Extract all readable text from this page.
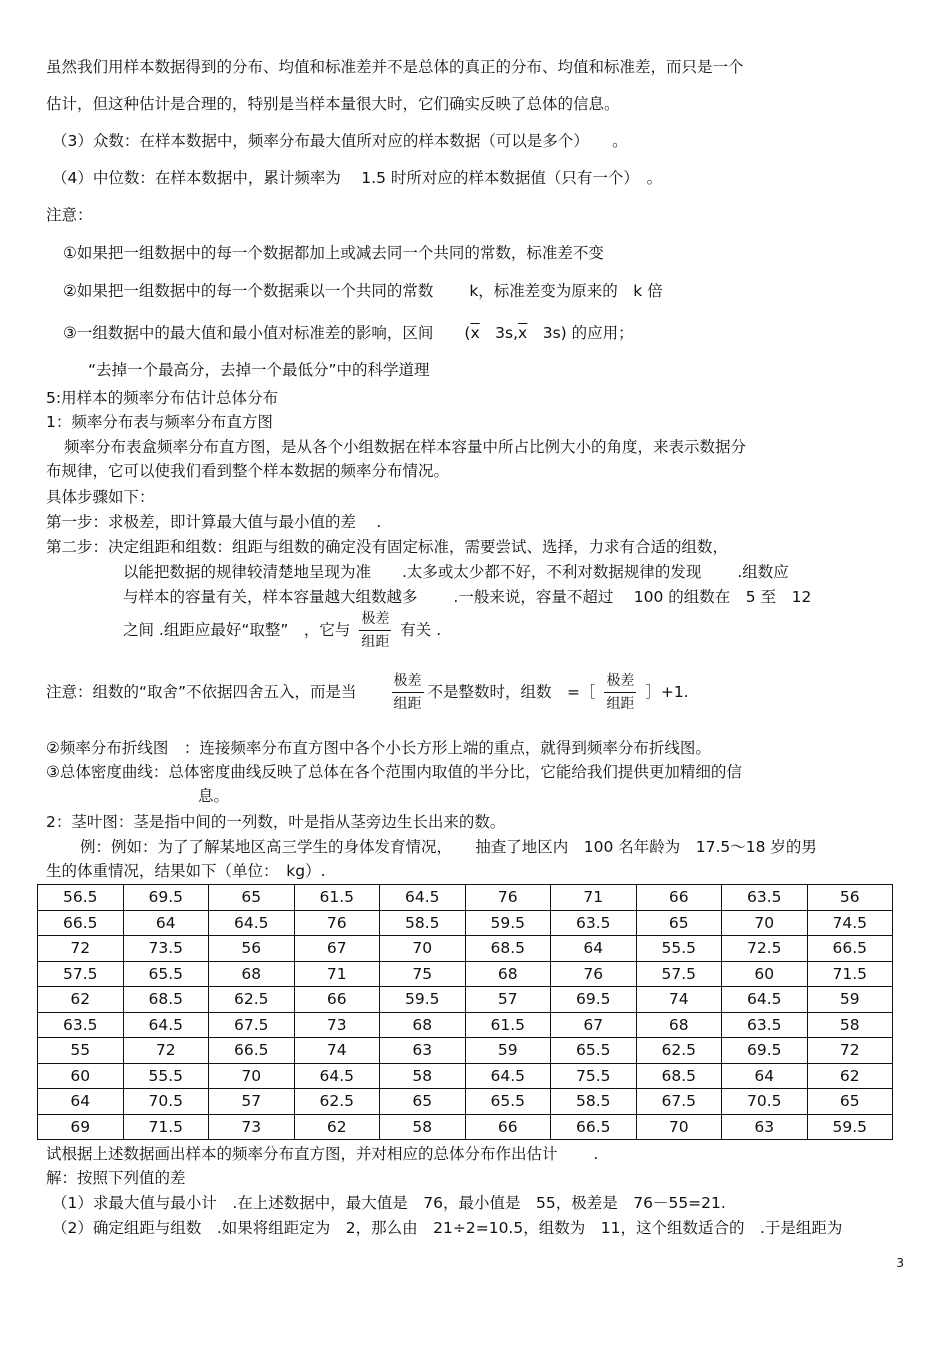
虽然我们用样本数据得到的分布、均值和标准差并不是总体的真正的分布、均值和标准差，而只是一个
估计，但这种估计是合理的，特别是当样本量很大时，它们确实反映了总体的信息。
（3）众数：在样本数据中，频率分布最大值所对应的样本数据（可以是多个）　　。
（4）中位数：在样本数据中，累计频率为　 1.5 时所对应的样本数据值（只有一个）　。
注意：
①如果把一组数据中的每一个数据都加上或减去同一个共同的常数，标准差不变
②如果把一组数据中的每一个数据乘以一个共同的常数　　 k，标准差变为原来的　k 倍
③一组数据中的最大值和最小值对标准差的影响，区间　　($\overline{x}$　$3s,\overline{x}$　3s) 的应用；
“去掉一个最高分，去掉一个最低分”中的科学道理
5:用样本的频率分布估计总体分布
1：频率分布表与频率分布直方图
频率分布表盒频率分布直方图，是从各个小组数据在样本容量中所占比例大小的角度，来表示数据分
布规律，它可以使我们看到整个样本数据的频率分布情况。
具体步骤如下：
第一步：求极差，即计算最大值与最小值的差　 .
第二步：决定组距和组数：组距与组数的确定没有固定标准，需要尝试、选择，力求有合适的组数，
以能把数据的规律较清楚地呈现为准　　.太多或太少都不好，不利对数据规律的发现　　 .组数应
与样本的容量有关，样本容量越大组数越多　　 .一般来说，容量不超过　 100 的组数在　5 至　12
之间 .组距应最好“取整”　，它与 $\frac{\text{极差}}{\text{组距}}$ 有关 .
注意：组数的“取舍”不依据四舍五入，而是当 $\frac{\text{极差}}{\text{组距}}$ 不是整数时，组数　=［ $\frac{\text{极差}}{\text{组距}}$ ］+1.
②频率分布折线图　：连接频率分布直方图中各个小长方形上端的重点，就得到频率分布折线图。
③总体密度曲线：总体密度曲线反映了总体在各个范围内取值的半分比，它能给我们提供更加精细的信
息。
2：茎叶图：茎是指中间的一列数，叶是指从茎旁边生长出来的数。
例：例如：为了了解某地区高三学生的身体发育情况，　　抽查了地区内　100 名年龄为　17.5～18 岁的男
生的体重情况，结果如下（单位：　kg）.
56.5	69.5	65	61.5	64.5	76	71	66	63.5	56
66.5	64	64.5	76	58.5	59.5	63.5	65	70	74.5
72	73.5	56	67	70	68.5	64	55.5	72.5	66.5
57.5	65.5	68	71	75	68	76	57.5	60	71.5
62	68.5	62.5	66	59.5	57	69.5	74	64.5	59
63.5	64.5	67.5	73	68	61.5	67	68	63.5	58
55	72	66.5	74	63	59	65.5	62.5	69.5	72
60	55.5	70	64.5	58	64.5	75.5	68.5	64	62
64	70.5	57	62.5	65	65.5	58.5	67.5	70.5	65
69	71.5	73	62	58	66	66.5	70	63	59.5
试根据上述数据画出样本的频率分布直方图，并对相应的总体分布作出估计　　 .
解：按照下列值的差
（1）求最大值与最小计　.在上述数据中，最大值是　76，最小值是　55，极差是　76－55=21.
（2）确定组距与组数　.如果将组距定为　2，那么由　21÷2=10.5，组数为　11，这个组数适合的　.于是组距为
3
